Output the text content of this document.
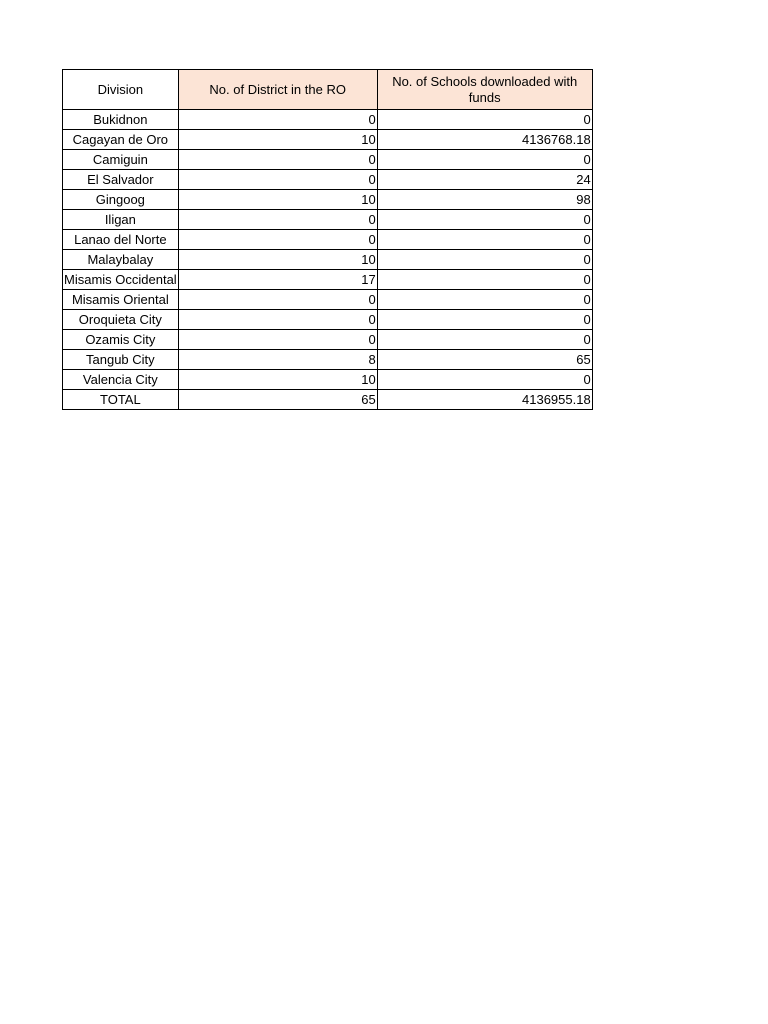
Division	No. of District in the RO	No. of Schools downloaded with funds
Bukidnon	0	0
Cagayan de Oro	10	4136768.18
Camiguin	0	0
El Salvador	0	24
Gingoog	10	98
Iligan	0	0
Lanao del Norte	0	0
Malaybalay	10	0
Misamis Occidental	17	0
Misamis Oriental	0	0
Oroquieta City	0	0
Ozamis City	0	0
Tangub City	8	65
Valencia City	10	0
TOTAL	65	4136955.18
